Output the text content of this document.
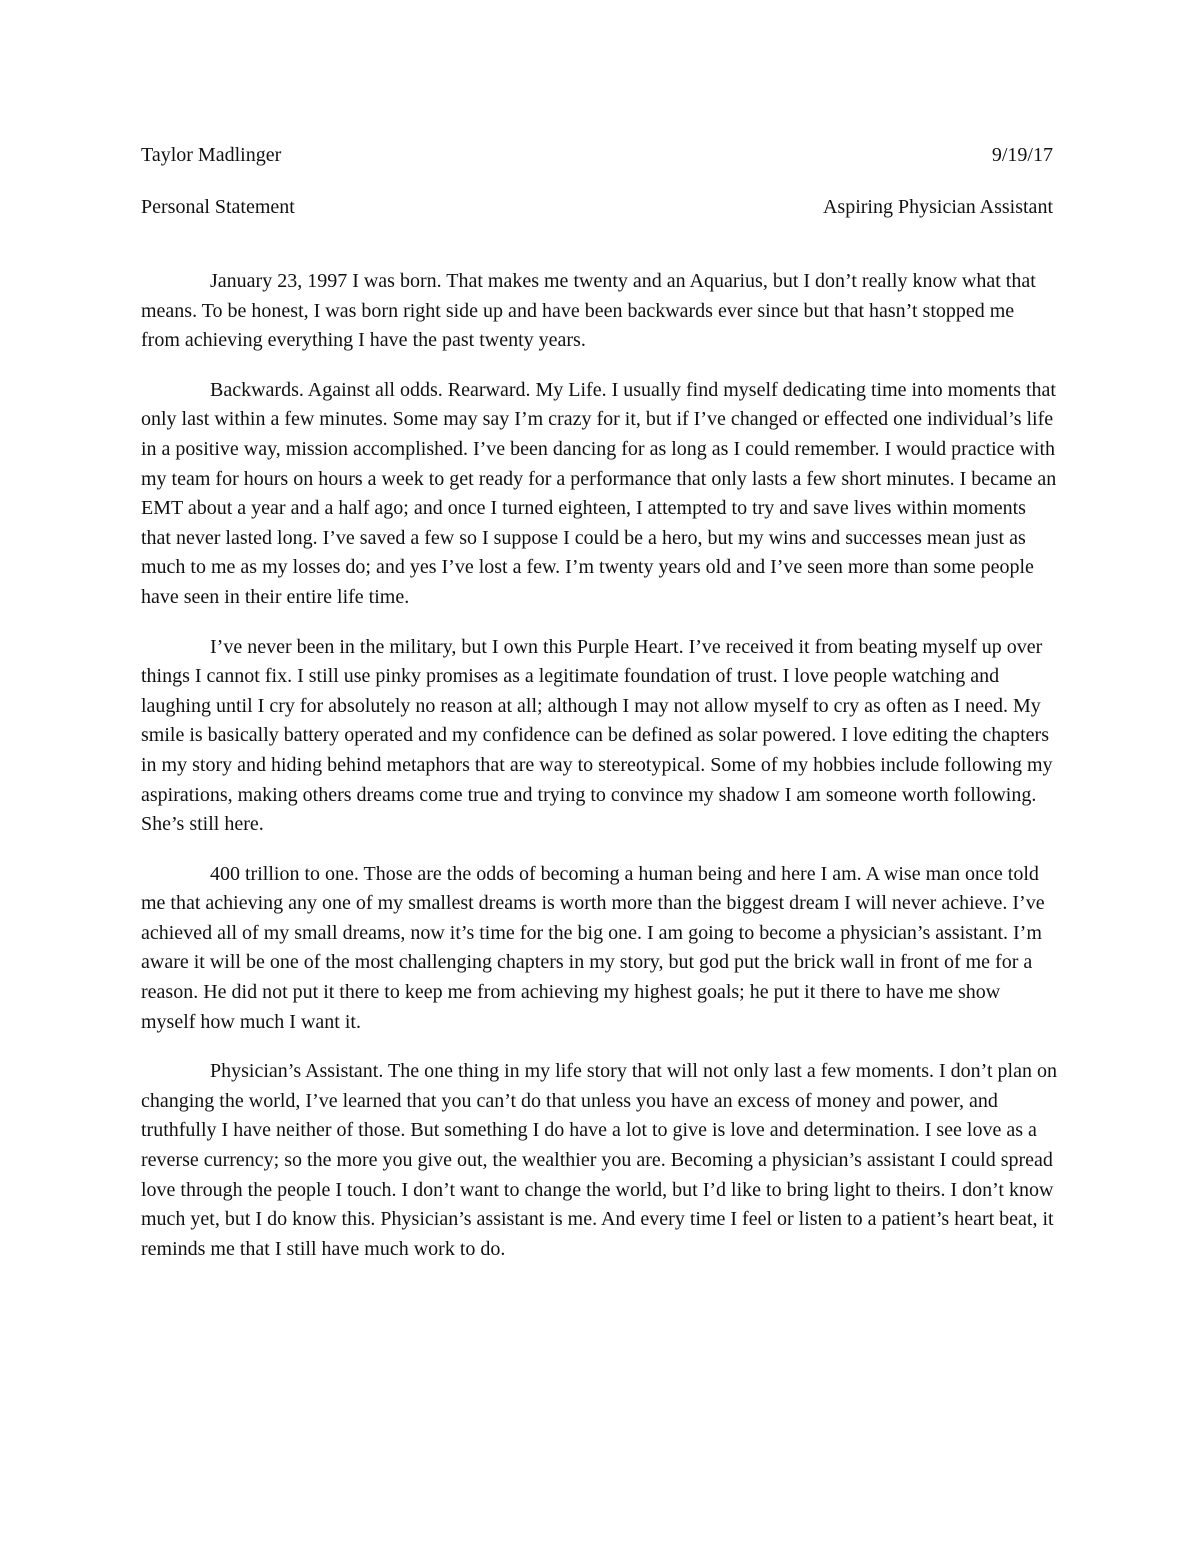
Taylor Madlinger	9/19/17
Personal Statement	Aspiring Physician Assistant

January 23, 1997 I was born. That makes me twenty and an Aquarius, but I don’t really know what that means. To be honest, I was born right side up and have been backwards ever since but that hasn’t stopped me from achieving everything I have the past twenty years.

Backwards. Against all odds. Rearward. My Life. I usually find myself dedicating time into moments that only last within a few minutes. Some may say I’m crazy for it, but if I’ve changed or effected one individual’s life in a positive way, mission accomplished. I’ve been dancing for as long as I could remember. I would practice with my team for hours on hours a week to get ready for a performance that only lasts a few short minutes. I became an EMT about a year and a half ago; and once I turned eighteen, I attempted to try and save lives within moments that never lasted long. I’ve saved a few so I suppose I could be a hero, but my wins and successes mean just as much to me as my losses do; and yes I’ve lost a few. I’m twenty years old and I’ve seen more than some people have seen in their entire life time.

I’ve never been in the military, but I own this Purple Heart. I’ve received it from beating myself up over things I cannot fix. I still use pinky promises as a legitimate foundation of trust. I love people watching and laughing until I cry for absolutely no reason at all; although I may not allow myself to cry as often as I need. My smile is basically battery operated and my confidence can be defined as solar powered. I love editing the chapters in my story and hiding behind metaphors that are way to stereotypical. Some of my hobbies include following my aspirations, making others dreams come true and trying to convince my shadow I am someone worth following. She’s still here.

400 trillion to one. Those are the odds of becoming a human being and here I am. A wise man once told me that achieving any one of my smallest dreams is worth more than the biggest dream I will never achieve. I’ve achieved all of my small dreams, now it’s time for the big one. I am going to become a physician’s assistant. I’m aware it will be one of the most challenging chapters in my story, but god put the brick wall in front of me for a reason. He did not put it there to keep me from achieving my highest goals; he put it there to have me show myself how much I want it.

Physician’s Assistant. The one thing in my life story that will not only last a few moments. I don’t plan on changing the world, I’ve learned that you can’t do that unless you have an excess of money and power, and truthfully I have neither of those. But something I do have a lot to give is love and determination. I see love as a reverse currency; so the more you give out, the wealthier you are. Becoming a physician’s assistant I could spread love through the people I touch. I don’t want to change the world, but I’d like to bring light to theirs. I don’t know much yet, but I do know this. Physician’s assistant is me. And every time I feel or listen to a patient’s heart beat, it reminds me that I still have much work to do.
